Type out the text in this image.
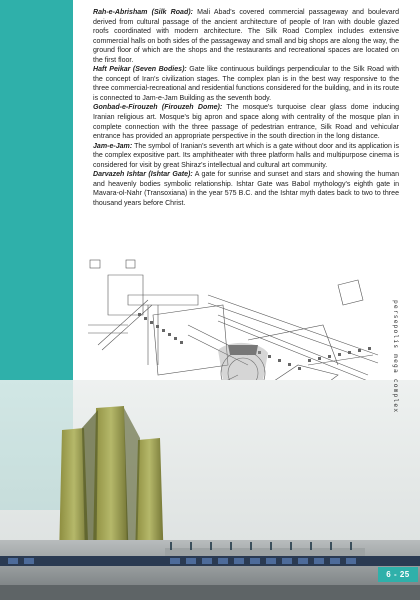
Rah-e-Abrisham (Silk Road): Mali Abad's covered commercial passageway and boulevard derived from cultural passage of the ancient architecture of people of Iran with double glazed roofs coordinated with modern architecture. The Silk Road Complex includes extensive commercial halls on both sides of the passageway and small and big shops are along the way, the ground floor of which are the shops and the restaurants and recreational spaces are located on the first floor.

Haft Peikar (Seven Bodies): Gate like continuous buildings perpendicular to the Silk Road with the concept of Iran's civilization stages. The complex plan is in the best way responsive to the three commercial-recreational and residential functions considered for the building, and in its route is connected to Jam-e-Jam Building as the seventh body.

Gonbad-e-Firouzeh (Firouzeh Dome): The mosque's turquoise clear glass dome inducing Iranian religious art. Mosque's big apron and space along with centrality of the mosque plan in complete connection with the three passage of pedestrian entrance, Silk Road and vehicular entrance has provided an appropriate perspective in the south direction in the long distance.

Jam-e-Jam: The symbol of Iranian's seventh art which is a gate without door and its application is the complex expositive part. Its amphitheater with three platform halls and multipurpose cinema is considered for visit by great Shiraz's intellectual and cultural art community.

Darvazeh Ishtar (Ishtar Gate): A gate for sunrise and sunset and stars and showing the human and heavenly bodies symbolic relationship. Ishtar Gate was Babol mythology's eighth gate in Mavara-ol-Nahr (Transoxiana) in the year 575 B.C. and the Ishtar myth dates back to two to three thousand years before Christ.

persepolis mega complex
6 - 25
